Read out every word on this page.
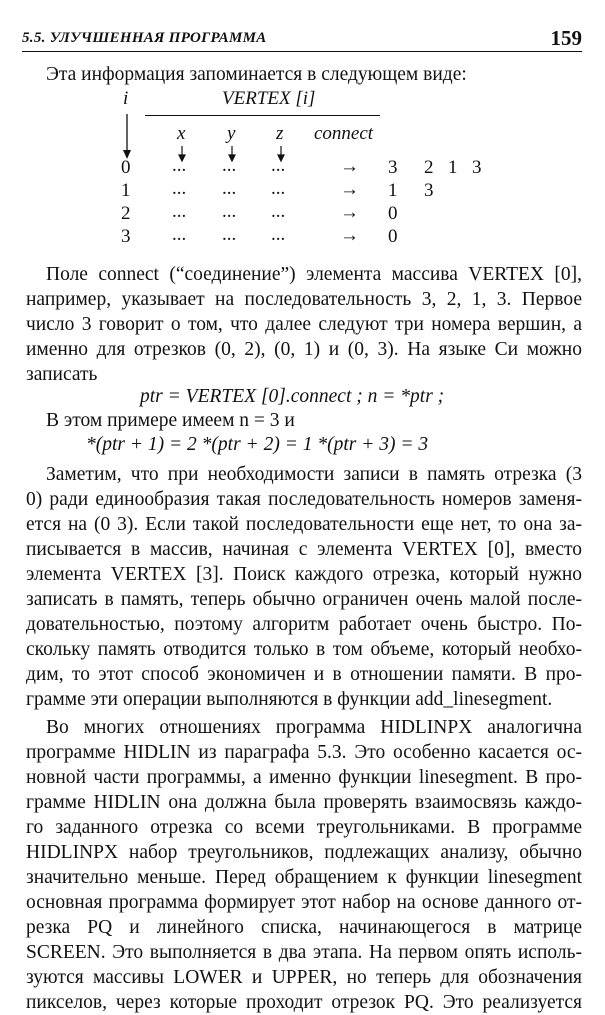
5.5. УЛУЧШЕННАЯ ПРОГРАММА	159
Эта информация запоминается в следующем виде:
i	VERTEX [i]
x y z connect
0 ... ... ...	→ 3 2 1 3
1 ... ... ...	→ 1 3
2 ... ... ...	→ 0
3 ... ... ...	→ 0
Поле connect (“соединение”) элемента массива VERTEX [0],
например, указывает на последовательность 3, 2, 1, 3. Первое
число 3 говорит о том, что далее следуют три номера вершин, а
именно для отрезков (0, 2), (0, 1) и (0, 3). На языке Си можно
записать
ptr = VERTEX [0].connect ; n = *ptr ;
В этом примере имеем n = 3 и
*(ptr + 1) = 2 *(ptr + 2) = 1 *(ptr + 3) = 3
Заметим, что при необходимости записи в память отрезка (3
0) ради единообразия такая последовательность номеров заменя-
ется на (0 3). Если такой последовательности еще нет, то она за-
писывается в массив, начиная с элемента VERTEX [0], вместо
элемента VERTEX [3]. Поиск каждого отрезка, который нужно
записать в память, теперь обычно ограничен очень малой после-
довательностью, поэтому алгоритм работает очень быстро. По-
скольку память отводится только в том объеме, который необхо-
дим, то этот способ экономичен и в отношении памяти. В про-
грамме эти операции выполняются в функции add_linesegment.
Во многих отношениях программа HIDLINPX аналогична
программе HIDLIN из параграфа 5.3. Это особенно касается ос-
новной части программы, а именно функции linesegment. В про-
грамме HIDLIN она должна была проверять взаимосвязь каждо-
го заданного отрезка со всеми треугольниками. В программе
HIDLINPX набор треугольников, подлежащих анализу, обычно
значительно меньше. Перед обращением к функции linesegment
основная программа формирует этот набор на основе данного от-
резка PQ и линейного списка, начинающегося в матрице
SCREEN. Это выполняется в два этапа. На первом опять исполь-
зуются массивы LOWER и UPPER, но теперь для обозначения
пикселов, через которые проходит отрезок PQ. Это реализуется
